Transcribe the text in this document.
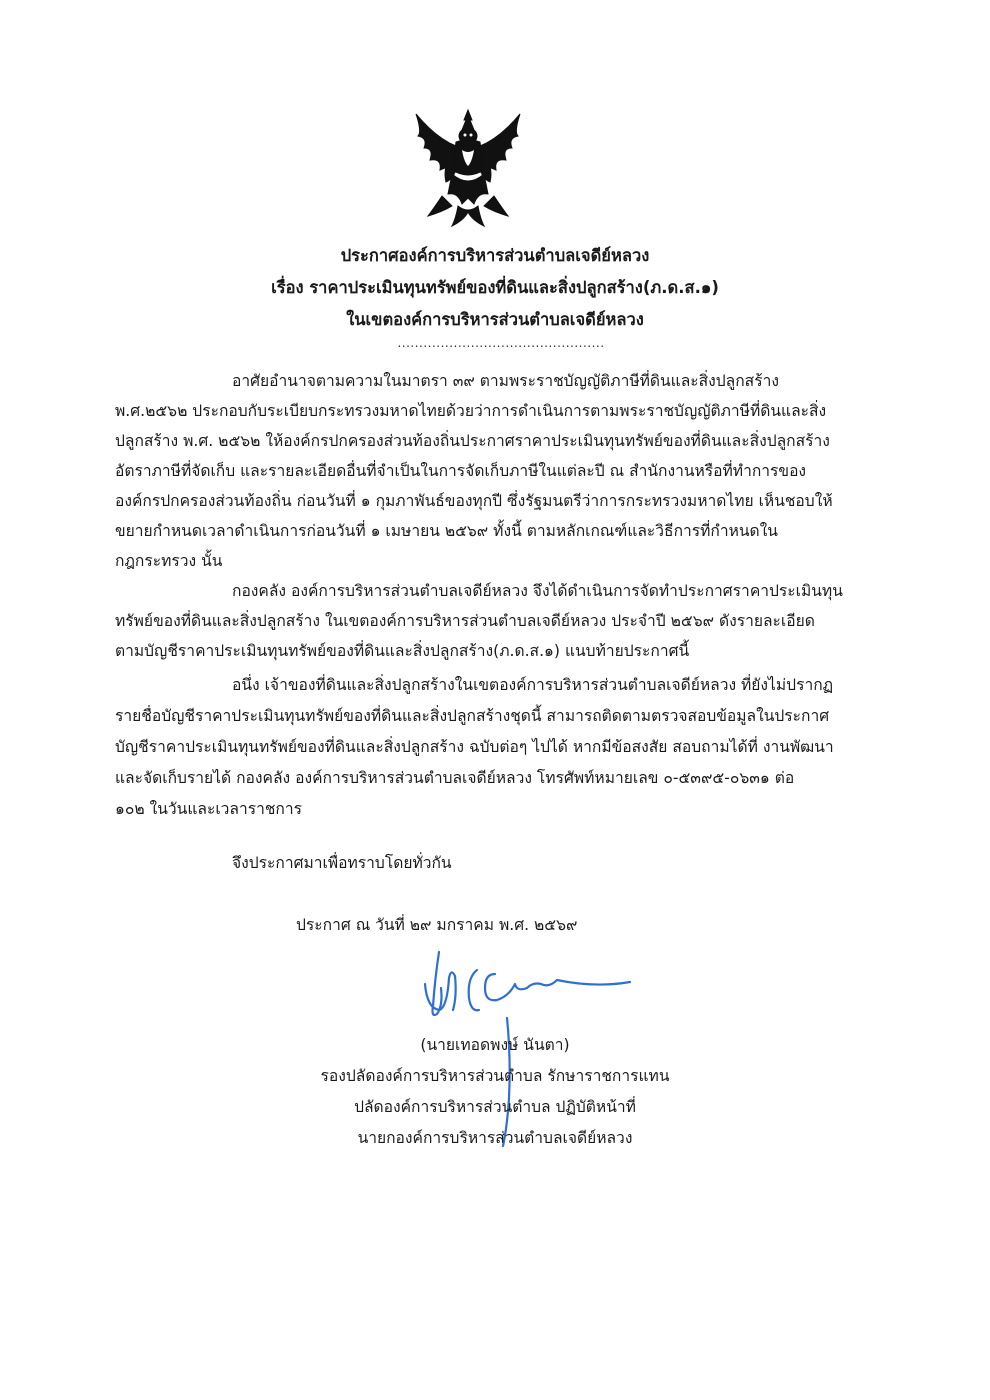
ประกาศองค์การบริหารส่วนตำบลเจดีย์หลวง
เรื่อง ราคาประเมินทุนทรัพย์ของที่ดินและสิ่งปลูกสร้าง(ภ.ด.ส.๑)
ในเขตองค์การบริหารส่วนตำบลเจดีย์หลวง
................................................
อาศัยอำนาจตามความในมาตรา ๓๙ ตามพระราชบัญญัติภาษีที่ดินและสิ่งปลูกสร้าง
พ.ศ.๒๕๖๒ ประกอบกับระเบียบกระทรวงมหาดไทยด้วยว่าการดำเนินการตามพระราชบัญญัติภาษีที่ดินและสิ่ง
ปลูกสร้าง พ.ศ. ๒๕๖๒ ให้องค์กรปกครองส่วนท้องถิ่นประกาศราคาประเมินทุนทรัพย์ของที่ดินและสิ่งปลูกสร้าง
อัตราภาษีที่จัดเก็บ และรายละเอียดอื่นที่จำเป็นในการจัดเก็บภาษีในแต่ละปี ณ สำนักงานหรือที่ทำการของ
องค์กรปกครองส่วนท้องถิ่น ก่อนวันที่ ๑ กุมภาพันธ์ของทุกปี ซึ่งรัฐมนตรีว่าการกระทรวงมหาดไทย เห็นชอบให้
ขยายกำหนดเวลาดำเนินการก่อนวันที่ ๑ เมษายน ๒๕๖๙ ทั้งนี้ ตามหลักเกณฑ์และวิธีการที่กำหนดใน
กฎกระทรวง นั้น
กองคลัง องค์การบริหารส่วนตำบลเจดีย์หลวง จึงได้ดำเนินการจัดทำประกาศราคาประเมินทุน
ทรัพย์ของที่ดินและสิ่งปลูกสร้าง ในเขตองค์การบริหารส่วนตำบลเจดีย์หลวง ประจำปี ๒๕๖๙ ดังรายละเอียด
ตามบัญชีราคาประเมินทุนทรัพย์ของที่ดินและสิ่งปลูกสร้าง(ภ.ด.ส.๑) แนบท้ายประกาศนี้
อนึ่ง เจ้าของที่ดินและสิ่งปลูกสร้างในเขตองค์การบริหารส่วนตำบลเจดีย์หลวง ที่ยังไม่ปรากฏ
รายชื่อบัญชีราคาประเมินทุนทรัพย์ของที่ดินและสิ่งปลูกสร้างชุดนี้ สามารถติดตามตรวจสอบข้อมูลในประกาศ
บัญชีราคาประเมินทุนทรัพย์ของที่ดินและสิ่งปลูกสร้าง ฉบับต่อๆ ไปได้ หากมีข้อสงสัย สอบถามได้ที่ งานพัฒนา
และจัดเก็บรายได้ กองคลัง องค์การบริหารส่วนตำบลเจดีย์หลวง โทรศัพท์หมายเลข ๐-๕๓๙๕-๐๖๓๑ ต่อ
๑๐๒ ในวันและเวลาราชการ
จึงประกาศมาเพื่อทราบโดยทั่วกัน
ประกาศ ณ วันที่ ๒๙ มกราคม พ.ศ. ๒๕๖๙
(นายเทอดพงษ์ นันตา)
รองปลัดองค์การบริหารส่วนตำบล รักษาราชการแทน
ปลัดองค์การบริหารส่วนตำบล ปฏิบัติหน้าที่
นายกองค์การบริหารส่วนตำบลเจดีย์หลวง
